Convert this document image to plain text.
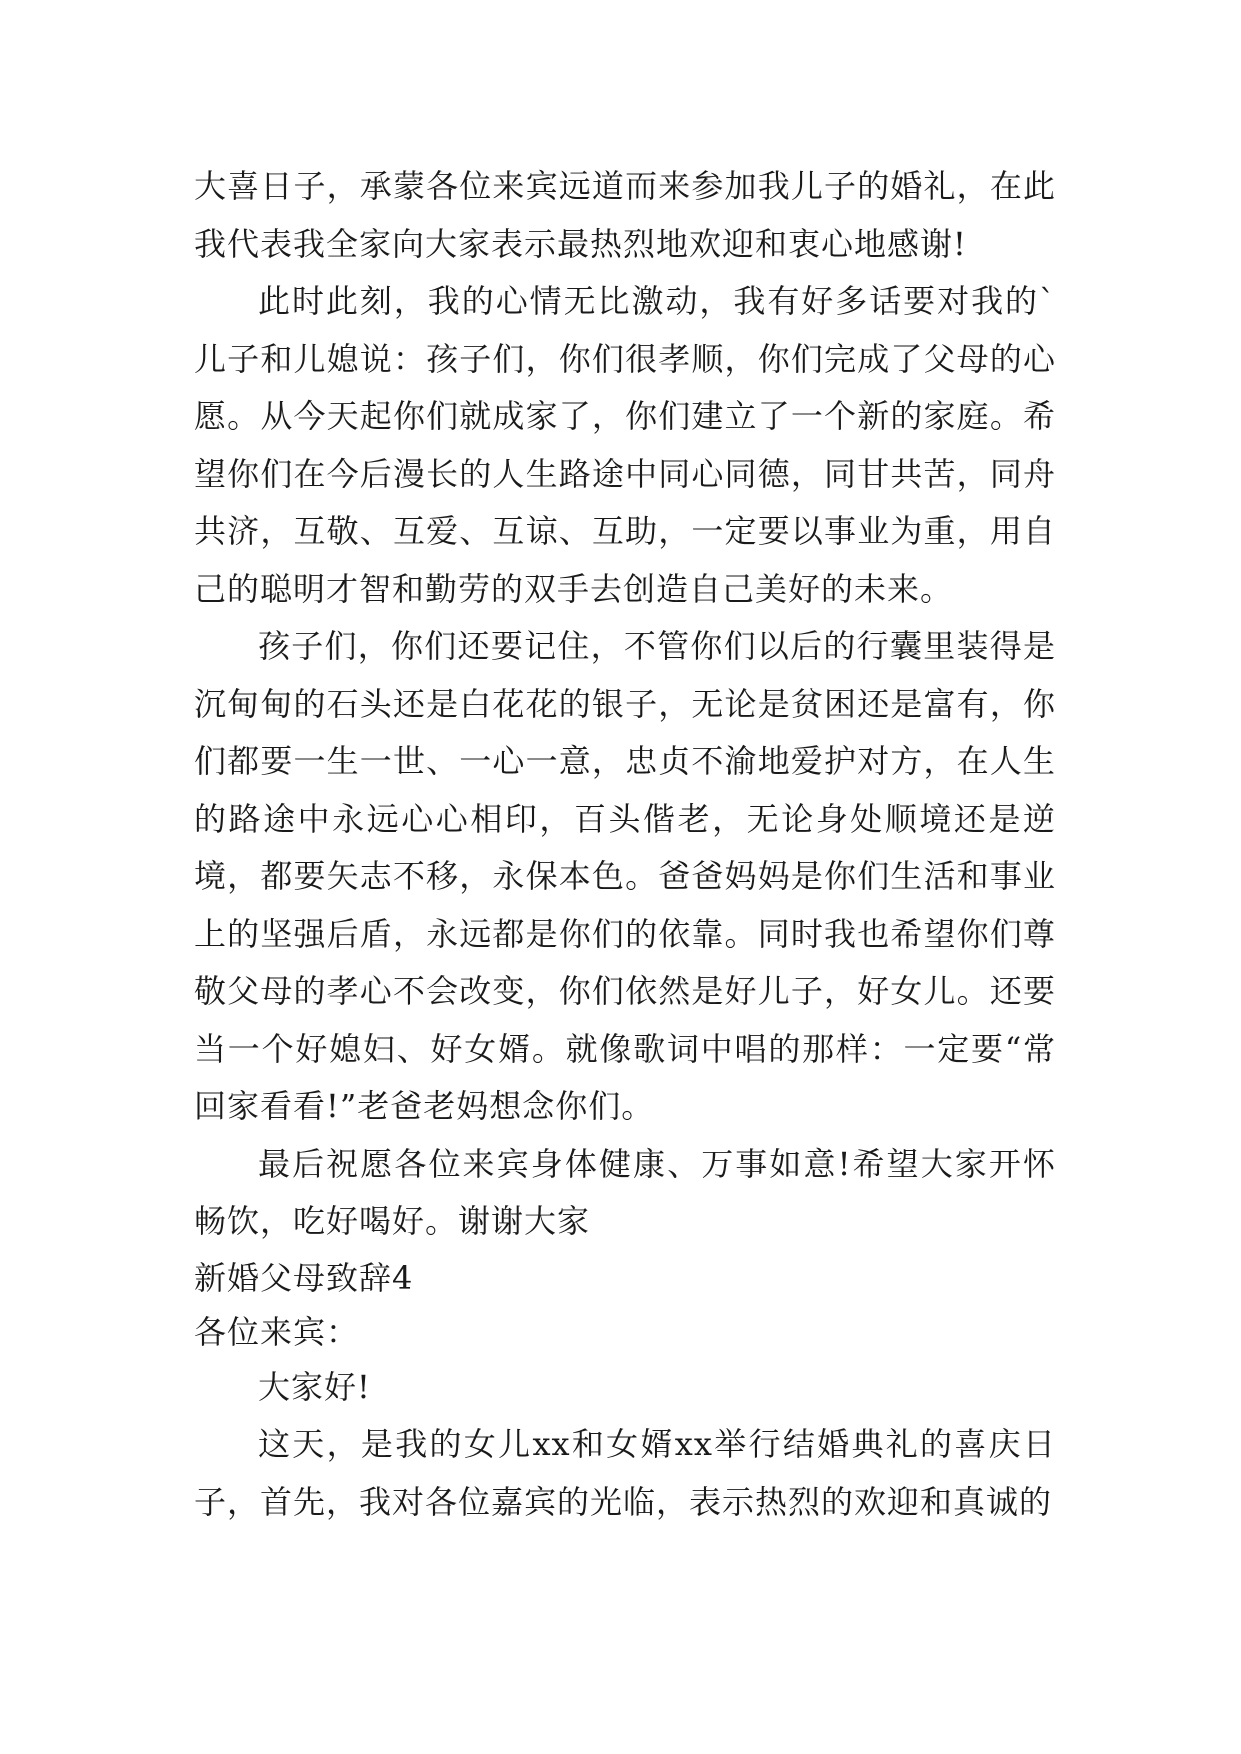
大喜日子，承蒙各位来宾远道而来参加我儿子的婚礼，在此我代表我全家向大家表示最热烈地欢迎和衷心地感谢!

此时此刻，我的心情无比激动，我有好多话要对我的`儿子和儿媳说：孩子们，你们很孝顺，你们完成了父母的心愿。从今天起你们就成家了，你们建立了一个新的家庭。希望你们在今后漫长的人生路途中同心同德，同甘共苦，同舟共济，互敬、互爱、互谅、互助，一定要以事业为重，用自己的聪明才智和勤劳的双手去创造自己美好的未来。

孩子们，你们还要记住，不管你们以后的行囊里装得是沉甸甸的石头还是白花花的银子，无论是贫困还是富有，你们都要一生一世、一心一意，忠贞不渝地爱护对方，在人生的路途中永远心心相印，百头偕老，无论身处顺境还是逆境，都要矢志不移，永保本色。爸爸妈妈是你们生活和事业上的坚强后盾，永远都是你们的依靠。同时我也希望你们尊敬父母的孝心不会改变，你们依然是好儿子，好女儿。还要当一个好媳妇、好女婿。就像歌词中唱的那样：一定要“常回家看看!”老爸老妈想念你们。

最后祝愿各位来宾身体健康、万事如意!希望大家开怀畅饮，吃好喝好。谢谢大家

新婚父母致辞4

各位来宾：

大家好!

这天，是我的女儿xx和女婿xx举行结婚典礼的喜庆日子，首先，我对各位嘉宾的光临，表示热烈的欢迎和真诚的
